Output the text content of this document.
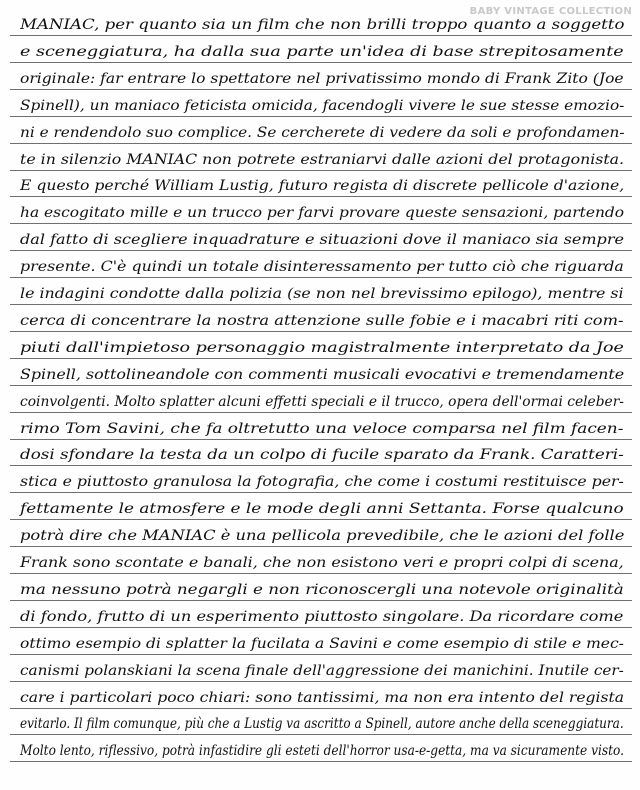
BABY VINTAGE COLLECTION
MANIAC, per quanto sia un film che non brilli troppo quanto a soggetto
e sceneggiatura, ha dalla sua parte un'idea di base strepitosamente
originale: far entrare lo spettatore nel privatissimo mondo di Frank Zito (Joe
Spinell), un maniaco feticista omicida, facendogli vivere le sue stesse emozio-
ni e rendendolo suo complice. Se cercherete di vedere da soli e profondamen-
te in silenzio MANIAC non potrete estraniarvi dalle azioni del protagonista.
E questo perché William Lustig, futuro regista di discrete pellicole d'azione,
ha escogitato mille e un trucco per farvi provare queste sensazioni, partendo
dal fatto di scegliere inquadrature e situazioni dove il maniaco sia sempre
presente. C'è quindi un totale disinteressamento per tutto ciò che riguarda
le indagini condotte dalla polizia (se non nel brevissimo epilogo), mentre si
cerca di concentrare la nostra attenzione sulle fobie e i macabri riti com-
piuti dall'impietoso personaggio magistralmente interpretato da Joe
Spinell, sottolineandole con commenti musicali evocativi e tremendamente
coinvolgenti. Molto splatter alcuni effetti speciali e il trucco, opera dell'ormai celeber-
rimo Tom Savini, che fa oltretutto una veloce comparsa nel film facen-
dosi sfondare la testa da un colpo di fucile sparato da Frank. Caratteri-
stica e piuttosto granulosa la fotografia, che come i costumi restituisce per-
fettamente le atmosfere e le mode degli anni Settanta. Forse qualcuno
potrà dire che MANIAC è una pellicola prevedibile, che le azioni del folle
Frank sono scontate e banali, che non esistono veri e propri colpi di scena,
ma nessuno potrà negargli e non riconoscergli una notevole originalità
di fondo, frutto di un esperimento piuttosto singolare. Da ricordare come
ottimo esempio di splatter la fucilata a Savini e come esempio di stile e mec-
canismi polanskiani la scena finale dell'aggressione dei manichini. Inutile cer-
care i particolari poco chiari: sono tantissimi, ma non era intento del regista
evitarlo. Il film comunque, più che a Lustig va ascritto a Spinell, autore anche della sceneggiatura.
Molto lento, riflessivo, potrà infastidire gli esteti dell'horror usa-e-getta, ma va sicuramente visto.
